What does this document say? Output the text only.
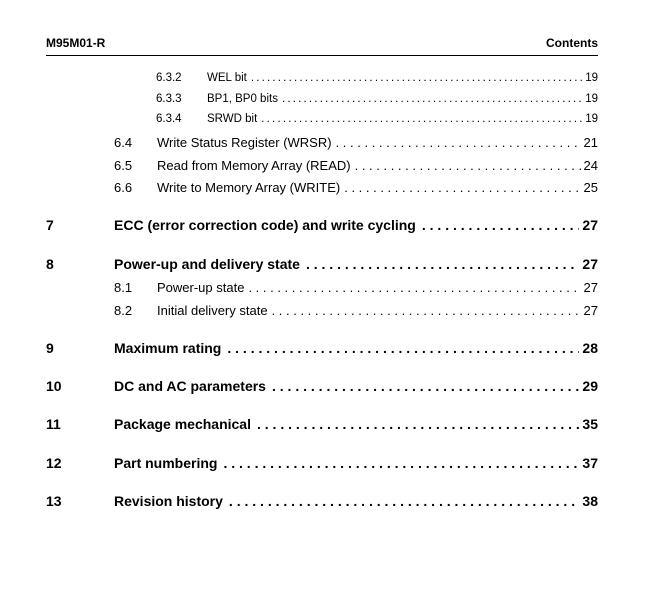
M95M01-R	Contents
6.3.2 WEL bit . . .	19
6.3.3 BP1, BP0 bits . . .	19
6.3.4 SRWD bit . . .	19
6.4 Write Status Register (WRSR) . . .	21
6.5 Read from Memory Array (READ) . . .	24
6.6 Write to Memory Array (WRITE) . . .	25
7	ECC (error correction code) and write cycling . . .	27
8	Power-up and delivery state . . .	27
8.1 Power-up state . . .	27
8.2 Initial delivery state . . .	27
9	Maximum rating . . .	28
10	DC and AC parameters . . .	29
11	Package mechanical . . .	35
12	Part numbering . . .	37
13	Revision history . . .	38
